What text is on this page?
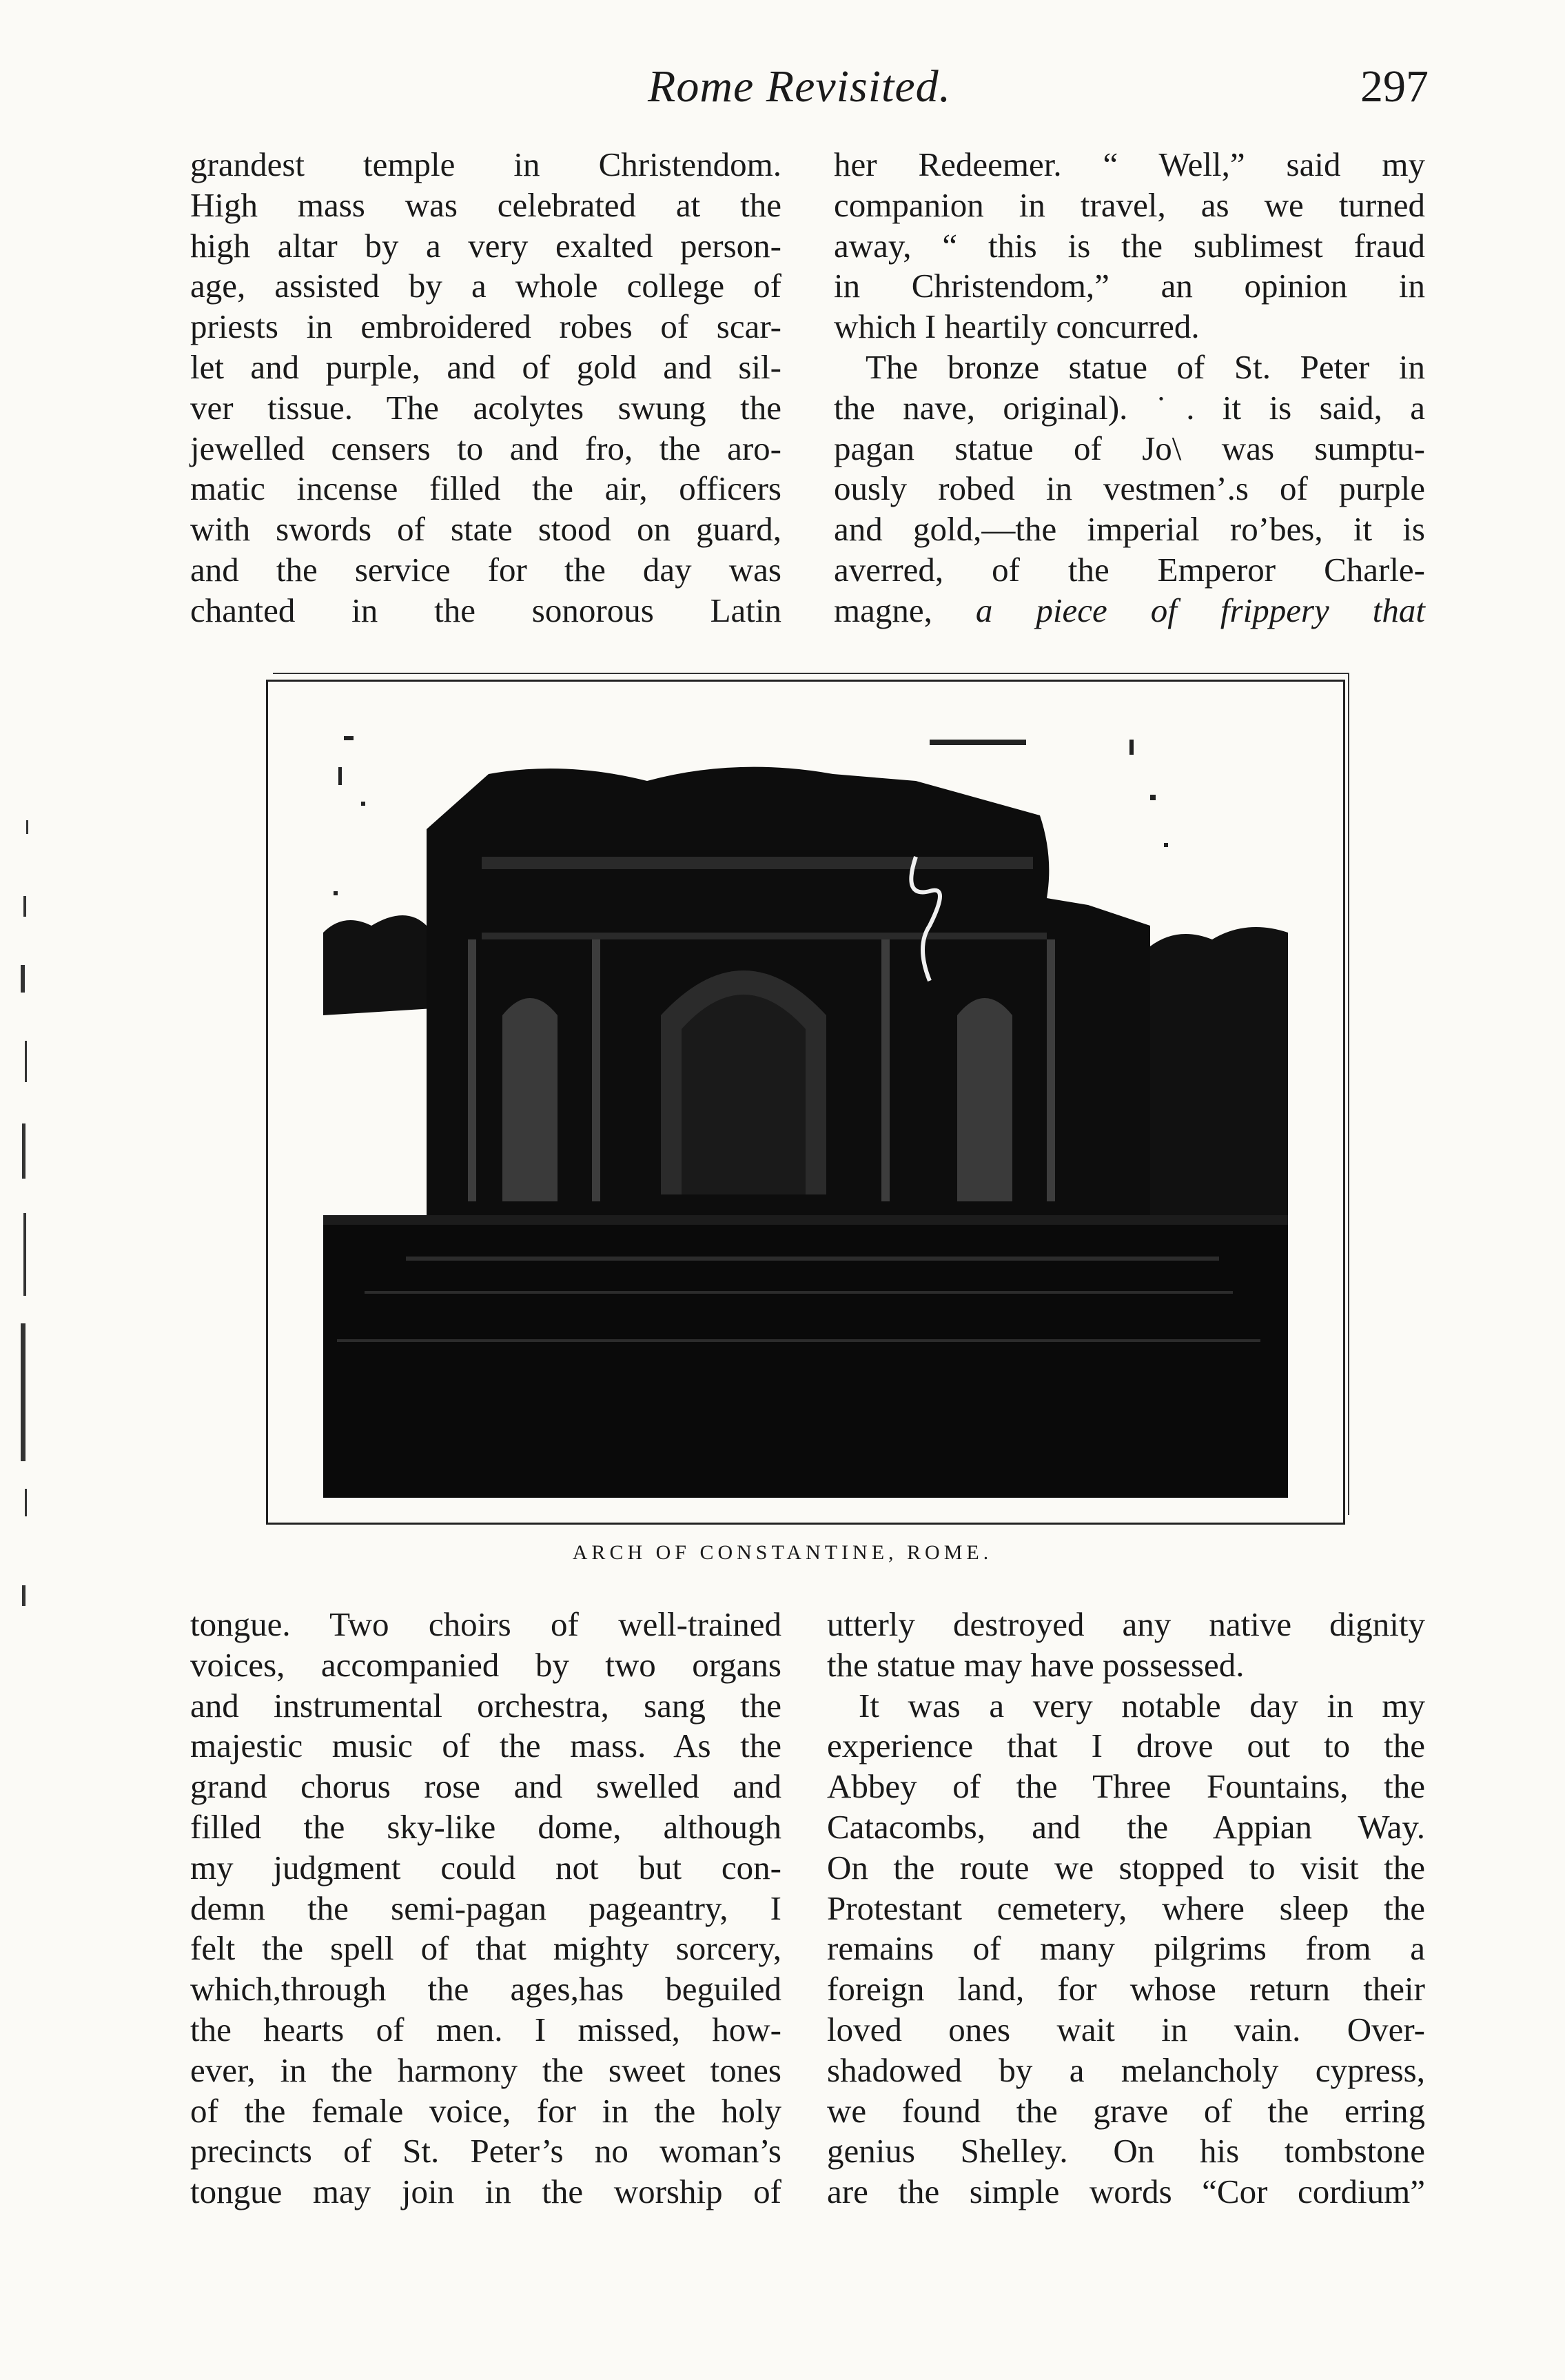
Rome Revisited.	297
grandest temple in Christendom.
High mass was celebrated at the
high altar by a very exalted person-
age, assisted by a whole college of
priests in embroidered robes of scar-
let and purple, and of gold and sil-
ver tissue. The acolytes swung the
jewelled censers to and fro, the aro-
matic incense filled the air, officers
with swords of state stood on guard,
and the service for the day was
chanted in the sonorous Latin
her Redeemer. “ Well,” said my
companion in travel, as we turned
away, “ this is the sublimest fraud
in Christendom,” an opinion in
which I heartily concurred.
The bronze statue of St. Peter in
the nave, original). ˙. it is said, a
pagan statue of Jo\ was sumptu-
ously robed in vestmen’.s of purple
and gold,—the imperial ro’bes, it is
averred, of the Emperor Charle-
magne, a piece of frippery that
ARCH OF CONSTANTINE, ROME.
tongue. Two choirs of well-trained
voices, accompanied by two organs
and instrumental orchestra, sang the
majestic music of the mass. As the
grand chorus rose and swelled and
filled the sky-like dome, although
my judgment could not but con-
demn the semi-pagan pageantry, I
felt the spell of that mighty sorcery,
which,through the ages,has beguiled
the hearts of men. I missed, how-
ever, in the harmony the sweet tones
of the female voice, for in the holy
precincts of St. Peter’s no woman’s
tongue may join in the worship of
utterly destroyed any native dignity
the statue may have possessed.
It was a very notable day in my
experience that I drove out to the
Abbey of the Three Fountains, the
Catacombs, and the Appian Way.
On the route we stopped to visit the
Protestant cemetery, where sleep the
remains of many pilgrims from a
foreign land, for whose return their
loved ones wait in vain. Over-
shadowed by a melancholy cypress,
we found the grave of the erring
genius Shelley. On his tombstone
are the simple words “Cor cordium”
